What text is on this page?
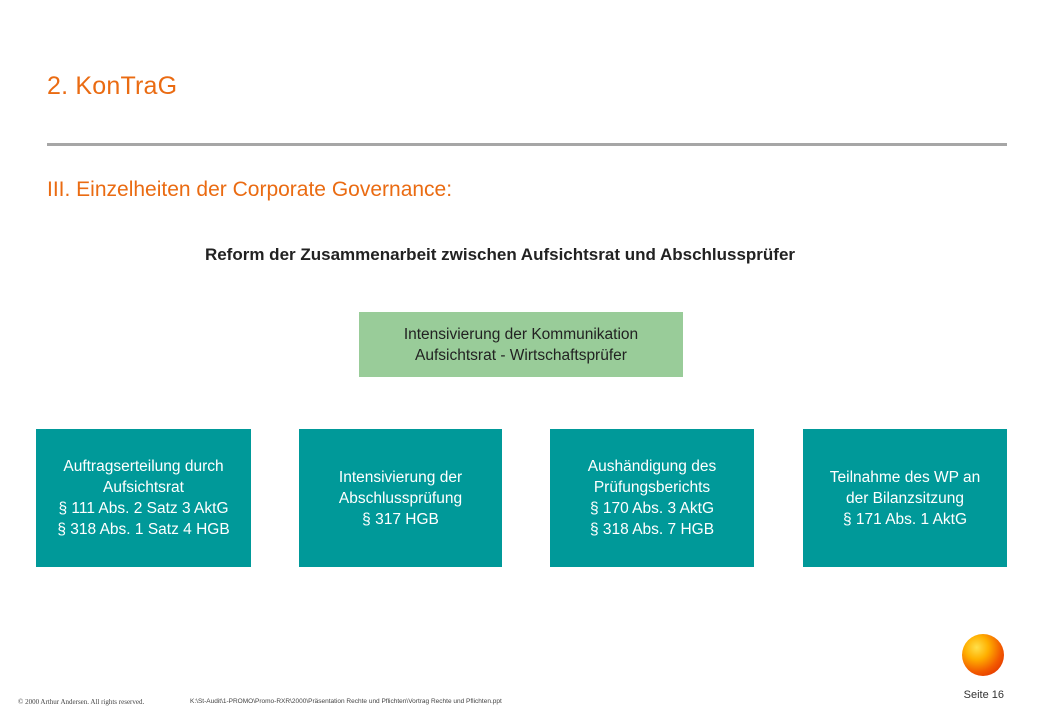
2. KonTraG
III. Einzelheiten der Corporate Governance:
Reform der Zusammenarbeit zwischen Aufsichtsrat und Abschlussprüfer
Intensivierung der Kommunikation
Aufsichtsrat - Wirtschaftsprüfer
Auftragserteilung durch
Aufsichtsrat
§ 111 Abs. 2 Satz 3 AktG
§ 318 Abs. 1 Satz 4 HGB
Intensivierung der
Abschlussprüfung
§ 317 HGB
Aushändigung des
Prüfungsberichts
§ 170 Abs. 3 AktG
§ 318 Abs. 7 HGB
Teilnahme des WP an
der Bilanzsitzung
§ 171 Abs. 1 AktG
© 2000 Arthur Andersen. All rights reserved.	K:\St-Audit\1-PROMO\Promo-RXR\2000\Präsentation Rechte und Pflichten\Vortrag Rechte und Pflichten.ppt
Seite 16
